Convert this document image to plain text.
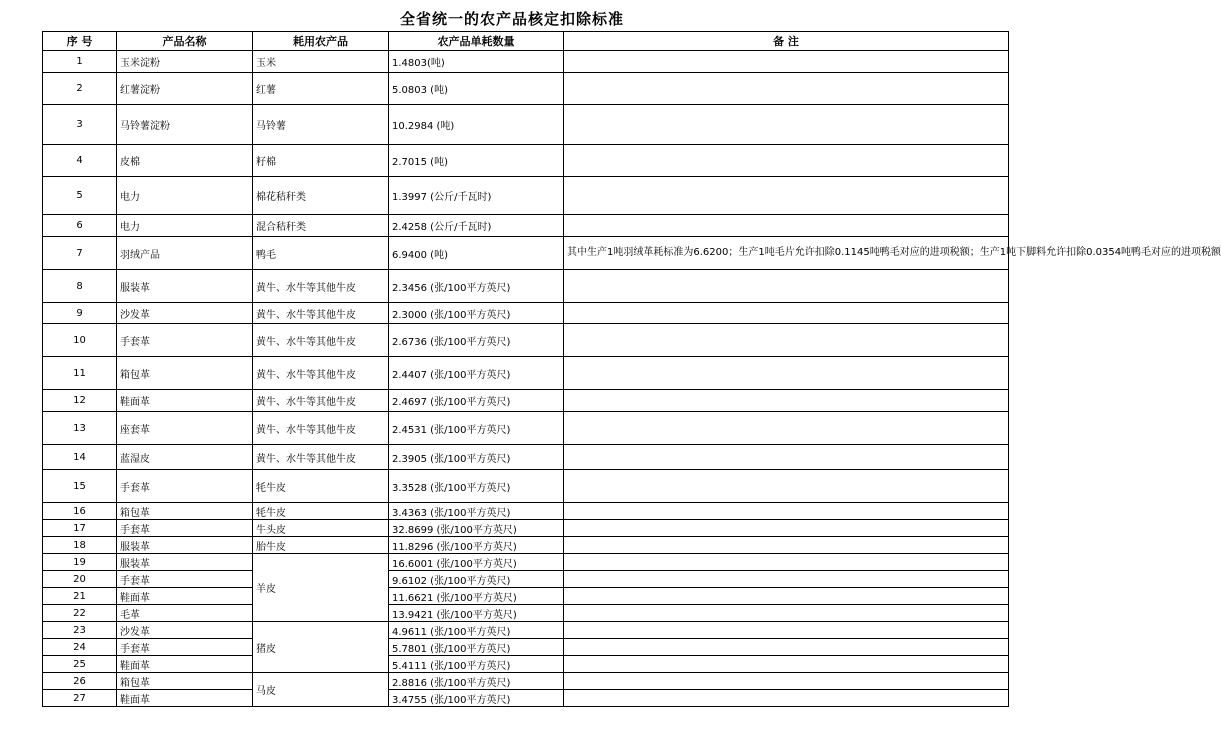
全省统一的农产品核定扣除标准
序 号	产品名称	耗用农产品	农产品单耗数量	备 注
1	玉米淀粉	玉米	1.4803(吨)	
2	红薯淀粉	红薯	5.0803 (吨)	
3	马铃薯淀粉	马铃薯	10.2984 (吨)	
4	皮棉	籽棉	2.7015 (吨)	
5	电力	棉花秸秆类	1.3997 (公斤/千瓦时)	
6	电力	混合秸秆类	2.4258 (公斤/千瓦时)	
7	羽绒产品	鸭毛	6.9400 (吨)	其中生产1吨羽绒革耗标准为6.6200；生产1吨毛片允许扣除0.1145吨鸭毛对应的进项税额；生产1吨下脚料允许扣除0.0354吨鸭毛对应的进项税额
8	服装革	黄牛、水牛等其他牛皮	2.3456 (张/100平方英尺)	
9	沙发革	黄牛、水牛等其他牛皮	2.3000 (张/100平方英尺)	
10	手套革	黄牛、水牛等其他牛皮	2.6736 (张/100平方英尺)	
11	箱包革	黄牛、水牛等其他牛皮	2.4407 (张/100平方英尺)	
12	鞋面革	黄牛、水牛等其他牛皮	2.4697 (张/100平方英尺)	
13	座套革	黄牛、水牛等其他牛皮	2.4531 (张/100平方英尺)	
14	蓝湿皮	黄牛、水牛等其他牛皮	2.3905 (张/100平方英尺)	
15	手套革	牦牛皮	3.3528 (张/100平方英尺)	
16	箱包革	牦牛皮	3.4363 (张/100平方英尺)	
17	手套革	牛头皮	32.8699 (张/100平方英尺)	
18	服装革	胎牛皮	11.8296 (张/100平方英尺)	
19	服装革	羊皮	16.6001 (张/100平方英尺)	
20	手套革		9.6102 (张/100平方英尺)	
21	鞋面革		11.6621 (张/100平方英尺)	
22	毛革		13.9421 (张/100平方英尺)	
23	沙发革	猪皮	4.9611 (张/100平方英尺)	
24	手套革		5.7801 (张/100平方英尺)	
25	鞋面革		5.4111 (张/100平方英尺)	
26	箱包革	马皮	2.8816 (张/100平方英尺)	
27	鞋面革		3.4755 (张/100平方英尺)	
